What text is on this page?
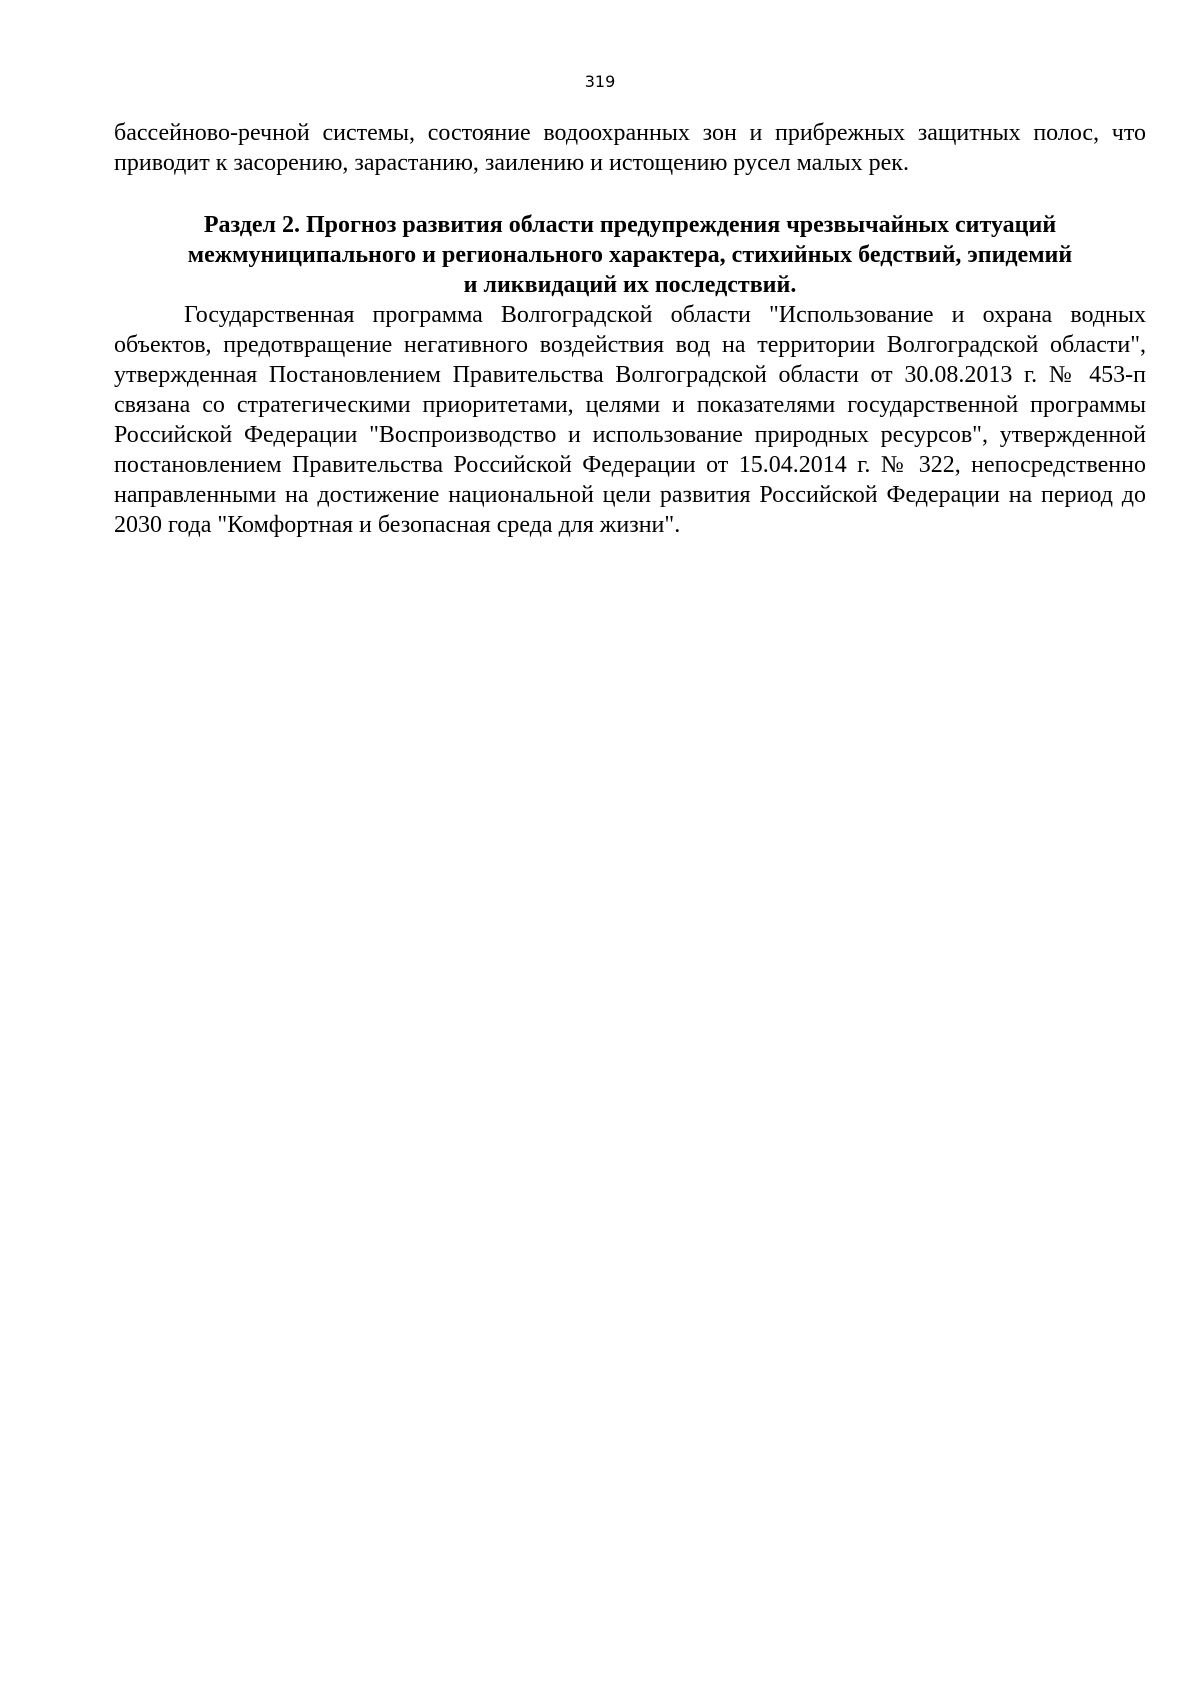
319

бассейново-речной системы, состояние водоохранных зон и прибрежных защитных полос, что приводит к засорению, зарастанию, заилению и истощению русел малых рек.

Раздел 2. Прогноз развития области предупреждения чрезвычайных ситуаций
межмуниципального и регионального характера, стихийных бедствий, эпидемий
и ликвидаций их последствий.

Государственная программа Волгоградской области "Использование и охрана водных объектов, предотвращение негативного воздействия вод на территории Волгоградской области", утвержденная Постановлением Правительства Волгоградской области от 30.08.2013 г. № 453-п связана со стратегическими приоритетами, целями и показателями государственной программы Российской Федерации "Воспроизводство и использование природных ресурсов", утвержденной постановлением Правительства Российской Федерации от 15.04.2014 г. № 322, непосредственно направленными на достижение национальной цели развития Российской Федерации на период до 2030 года "Комфортная и безопасная среда для жизни".
